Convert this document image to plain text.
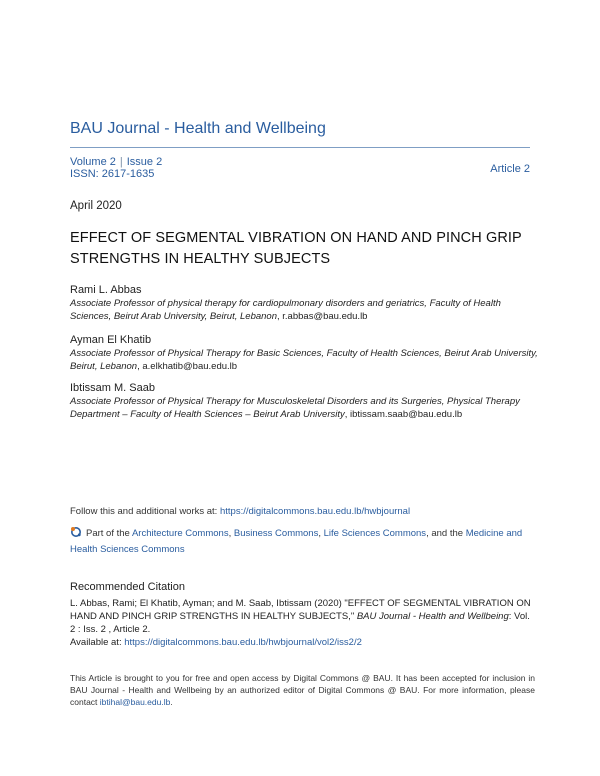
BAU Journal - Health and Wellbeing
Volume 2 | Issue 2
ISSN: 2617-1635	Article 2
April 2020
EFFECT OF SEGMENTAL VIBRATION ON HAND AND PINCH GRIP STRENGTHS IN HEALTHY SUBJECTS
Rami L. Abbas
Associate Professor of physical therapy for cardiopulmonary disorders and geriatrics, Faculty of Health Sciences, Beirut Arab University, Beirut, Lebanon, r.abbas@bau.edu.lb
Ayman El Khatib
Associate Professor of Physical Therapy for Basic Sciences, Faculty of Health Sciences, Beirut Arab University, Beirut, Lebanon, a.elkhatib@bau.edu.lb
Ibtissam M. Saab
Associate Professor of Physical Therapy for Musculoskeletal Disorders and its Surgeries, Physical Therapy Department – Faculty of Health Sciences – Beirut Arab University, ibtissam.saab@bau.edu.lb
Follow this and additional works at: https://digitalcommons.bau.edu.lb/hwbjournal
Part of the Architecture Commons, Business Commons, Life Sciences Commons, and the Medicine and Health Sciences Commons
Recommended Citation
L. Abbas, Rami; El Khatib, Ayman; and M. Saab, Ibtissam (2020) "EFFECT OF SEGMENTAL VIBRATION ON HAND AND PINCH GRIP STRENGTHS IN HEALTHY SUBJECTS," BAU Journal - Health and Wellbeing: Vol. 2 : Iss. 2 , Article 2.
Available at: https://digitalcommons.bau.edu.lb/hwbjournal/vol2/iss2/2
This Article is brought to you for free and open access by Digital Commons @ BAU. It has been accepted for inclusion in BAU Journal - Health and Wellbeing by an authorized editor of Digital Commons @ BAU. For more information, please contact ibtihal@bau.edu.lb.
